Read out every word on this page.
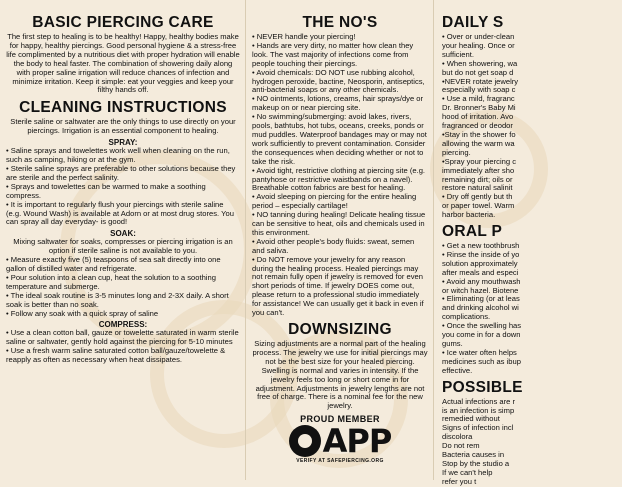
BASIC PIERCING CARE

The first step to healing is to be healthy! Happy, healthy bodies make for happy, healthy piercings. Good personal hygiene & a stress-free life complimented by a nutritious diet with proper hydration will enable the body to heal faster. The combination of showering daily along with proper saline irrigation will reduce chances of infection and minimize irritation. Keep it simple: eat your veggies and keep your filthy hands off.

CLEANING INSTRUCTIONS

Sterile saline or saltwater are the only things to use directly on your piercings. Irrigation is an essential component to healing.

SPRAY:

• Saline sprays and towelettes work well when cleaning on the run, such as camping, hiking or at the gym.
• Sterile saline sprays are preferable to other solutions because they are sterile and the perfect salinity.
• Sprays and towelettes can be warmed to make a soothing compress.
• It is important to regularly flush your piercings with sterile saline (e.g. Wound Wash) is available at Adorn or at most drug stores. You can spray all day everyday- is good!

SOAK:

Mixing saltwater for soaks, compresses or piercing irrigation is an option if sterile saline is not available to you.

• Measure exactly five (5) teaspoons of sea salt directly into one gallon of distilled water and refrigerate.
• Pour solution into a clean cup, heat the solution to a soothing temperature and submerge.
• The ideal soak routine is 3-5 minutes long and 2-3X daily. A short soak is better than no soak.
• Follow any soak with a quick spray of saline

COMPRESS:

• Use a clean cotton ball, gauze or towelette saturated in warm sterile saline or saltwater, gently hold against the piercing for 5-10 minutes
• Use a fresh warm saline saturated cotton ball/gauze/towelette & reapply as often as necessary when heat dissipates.
THE NO'S
• NEVER handle your piercing!
• Hands are very dirty, no matter how clean they look. The vast majority of infections come from people touching their piercings.
• Avoid chemicals: DO NOT use rubbing alcohol, hydrogen peroxide, bactine, Neosporin, antiseptics, anti-bacterial soaps or any other chemicals.
• NO ointments, lotions, creams, hair sprays/dye or makeup on or near piercing site.
• No swimming/submerging: avoid lakes, rivers, pools, bathtubs, hot tubs, oceans, creeks, ponds or mud puddles. Waterproof bandages may or may not work sufficiently to prevent contamination. Consider the consequences when deciding whether or not to take the risk.
• Avoid tight, restrictive clothing at piercing site (e.g. pantyhose or restrictive waistbands on a navel). Breathable cotton fabrics are best for healing.
• Avoid sleeping on piercing for the entire healing period – especially cartilage!
• NO tanning during healing! Delicate healing tissue can be sensitive to heat, oils and chemicals used in this environment.
• Avoid other people's body fluids: sweat, semen and saliva.
• Do NOT remove your jewelry for any reason during the healing process. Healed piercings may not remain fully open if jewelry is removed for even short periods of time. If jewelry DOES come out, please return to a professional studio immediately for assistance! We can usually get it back in even if you can't.
DOWNSIZING

Sizing adjustments are a normal part of the healing process. The jewelry we use for initial piercings may not be the best size for your healed piercing. Swelling is normal and varies in intensity. If the jewelry feels too long or short come in for adjustment. Adjustments in jewelry lengths are not free of charge. There is a nominal fee for the new jewelry.

PROUD MEMBER
APP
VERIFY AT SAFEPIERCING.ORG
DAILY S

• Over or under-clean

your healing. Once or

sufficient.

• When showering, wa

but do not get soap d

•NEVER rotate jewelry

especially with soap c

• Use a mild, fragranc

Dr. Bronner's Baby Mi

hood of irritation. Avo

fragranced or deodor

•Stay in the shower fo

allowing the warm wa

piercing.

•Spray your piercing c

immediately after sho

remaining dirt; oils or

restore natural salinit

• Dry off gently but th

or paper towel. Warm

harbor bacteria.

ORAL P

• Get a new toothbrush

• Rinse the inside of yo

solution approximately

after meals and especi

• Avoid any mouthwash

or witch hazel. Biotene

• Eliminating (or at leas

and drinking alcohol wi

complications.

• Once the swelling has

you come in for a down

gums.

• Ice water often helps

medicines such as ibup

effective.

POSSIBLE

Actual infections are r

is an infection is simp

remedied without

Signs of infection incl

discolora

Do not rem

Bacteria causes in

Stop by the studio a

If we can't help

refer you t
